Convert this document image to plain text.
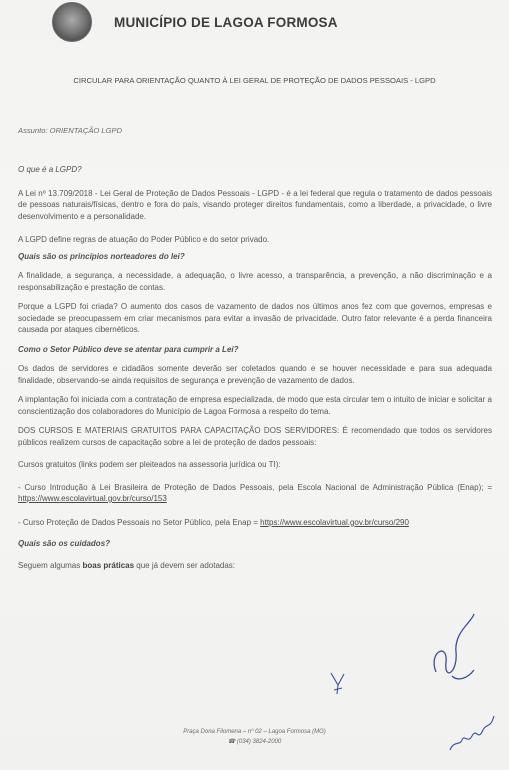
MUNICÍPIO DE LAGOA FORMOSA
CIRCULAR PARA ORIENTAÇÃO QUANTO À LEI GERAL DE PROTEÇÃO DE DADOS PESSOAIS - LGPD
Assunto: ORIENTAÇÃO LGPD

O que é a LGPD?

A Lei nº 13.709/2018 - Lei Geral de Proteção de Dados Pessoais - LGPD - é a lei federal que regula o tratamento de dados pessoais de pessoas naturais/físicas, dentro e fora do país, visando proteger direitos fundamentais, como a liberdade, a privacidade, o livre desenvolvimento e a personalidade.

A LGPD define regras de atuação do Poder Público e do setor privado.

Quais são os princípios norteadores do lei?

A finalidade, a segurança, a necessidade, a adequação, o livre acesso, a transparência, a prevenção, a não discriminação e a responsabilização e prestação de contas.

Porque a LGPD foi criada? O aumento dos casos de vazamento de dados nos últimos anos fez com que governos, empresas e sociedade se preocupassem em criar mecanismos para evitar a invasão de privacidade. Outro fator relevante é a perda financeira causada por ataques cibernéticos.

Como o Setor Público deve se atentar para cumprir a Lei?

Os dados de servidores e cidadãos somente deverão ser coletados quando e se houver necessidade e para sua adequada finalidade, observando-se ainda requisitos de segurança e prevenção de vazamento de dados.

A implantação foi iniciada com a contratação de empresa especializada, de modo que esta circular tem o intuito de iniciar e solicitar a conscientização dos colaboradores do Município de Lagoa Formosa a respeito do tema.

DOS CURSOS E MATERIAIS GRATUITOS PARA CAPACITAÇÃO DOS SERVIDORES: É recomendado que todos os servidores públicos realizem cursos de capacitação sobre a lei de proteção de dados pessoais:

Cursos gratuitos (links podem ser pleiteados na assessoria jurídica ou TI):

- Curso Introdução à Lei Brasileira de Proteção de Dados Pessoais, pela Escola Nacional de Administração Pública (Enap); = https://www.escolavirtual.gov.br/curso/153

- Curso Proteção de Dados Pessoais no Setor Público, pela Enap = https://www.escolavirtual.gov.br/curso/290

Quais são os cuidados?

Seguem algumas boas práticas que já devem ser adotadas:

Praça Dona Filomena – nº 02 – Lagoa Formosa (MG)
☎ (034) 3824-2000
